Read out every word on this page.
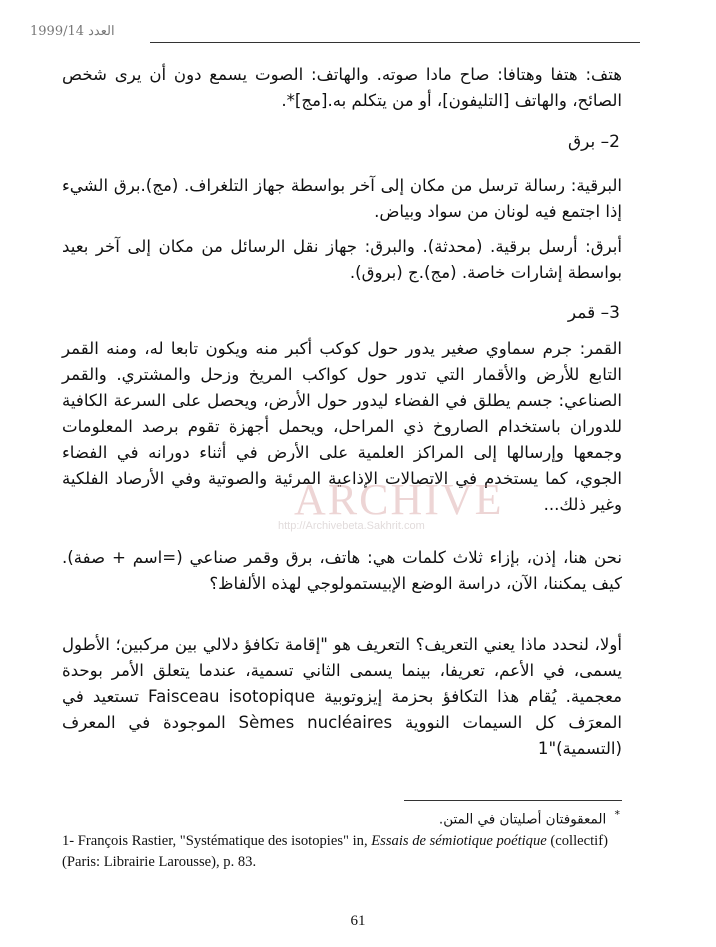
1999/14 العدد

هتف: هتفا وهتافا: صاح مادا صوته. والهاتف: الصوت يسمع دون أن يرى شخص الصائح، والهاتف [التليفون]، أو من يتكلم به.[مج]*.

2– برق

البرقية: رسالة ترسل من مكان إلى آخر بواسطة جهاز التلغراف. (مج).برق الشيء إذا اجتمع فيه لونان من سواد وبياض.

أبرق: أرسل برقية. (محدثة). والبرق: جهاز نقل الرسائل من مكان إلى آخر بعيد بواسطة إشارات خاصة. (مج).ج (بروق).

3– قمر

القمر: جرم سماوي صغير يدور حول كوكب أكبر منه ويكون تابعا له، ومنه القمر التابع للأرض والأقمار التي تدور حول كواكب المريخ وزحل والمشتري. والقمر الصناعي: جسم يطلق في الفضاء ليدور حول الأرض، ويحصل على السرعة الكافية للدوران باستخدام الصاروخ ذي المراحل، ويحمل أجهزة تقوم برصد المعلومات وجمعها وإرسالها إلى المراكز العلمية على الأرض في أثناء دورانه في الفضاء الجوي، كما يستخدم في الاتصالات الإذاعية المرئية والصوتية وفي الأرصاد الفلكية وغير ذلك...

نحن هنا، إذن، بإزاء ثلاث كلمات هي: هاتف، برق وقمر صناعي (=اسم + صفة). كيف يمكننا، الآن، دراسة الوضع الإبيستمولوجي لهذه الألفاظ؟

أولا، لنحدد ماذا يعني التعريف؟ التعريف هو "إقامة تكافؤ دلالي بين مركبين؛ الأطول يسمى، في الأعم، تعريفا، بينما يسمى الثاني تسمية، عندما يتعلق الأمر بوحدة معجمية. يُقام هذا التكافؤ بحزمة إيزوتوبية Faisceau isotopique تستعيد في المعرَف كل السيمات النووية Sèmes nucléaires الموجودة في المعرف (التسمية)"1

ARCHIVE
http://Archivebeta.Sakhrit.com
* المعقوفتان أصليتان في المتن.
1- François Rastier, "Systématique des isotopies" in, Essais de sémiotique poétique (collectif) (Paris: Librairie Larousse), p. 83.
61
